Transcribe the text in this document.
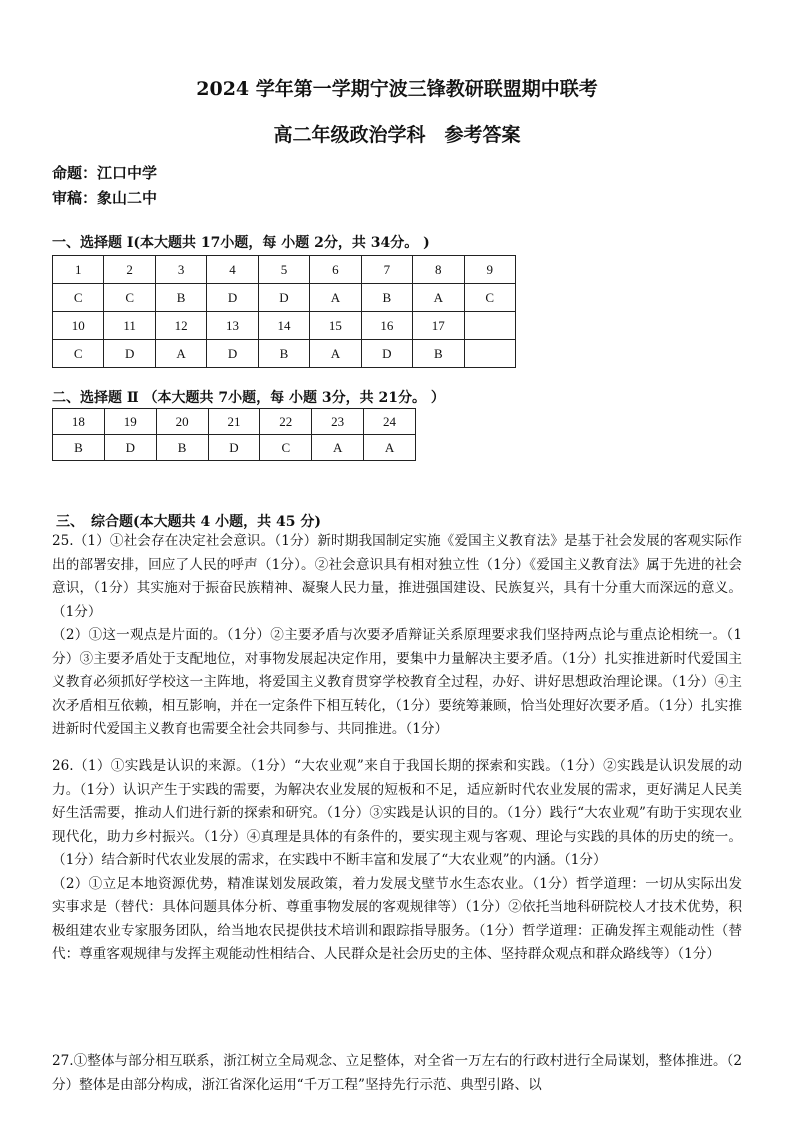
2024 学年第一学期宁波三锋教研联盟期中联考
高二年级政治学科　参考答案
命题：江口中学
审稿：象山二中
一、选择题 I(本大题共 17小题，每 小题 2分，共 34分。 )
1	2	3	4	5	6	7	8	9
C	C	B	D	D	A	B	A	C
10	11	12	13	14	15	16	17	
C	D	A	D	B	A	D	B	
二、选择题 Ⅱ （本大题共 7小题，每 小题 3分，共 21分。 ）
18	19	20	21	22	23	24
B	D	B	D	C	A	A
三、　综合题(本大题共 4 小题，共 45 分)

25.（1）①社会存在决定社会意识。（1分）新时期我国制定实施《爱国主义教育法》是基于社会发展的客观实际作出的部署安排，回应了人民的呼声（1分）。②社会意识具有相对独立性（1分）《爱国主义教育法》属于先进的社会意识，（1分）其实施对于振奋民族精神、凝聚人民力量，推进强国建设、民族复兴，具有十分重大而深远的意义。（1分）

（2）①这一观点是片面的。（1分）②主要矛盾与次要矛盾辩证关系原理要求我们坚持两点论与重点论相统一。（1分）③主要矛盾处于支配地位，对事物发展起决定作用，要集中力量解决主要矛盾。（1分）扎实推进新时代爱国主义教育必须抓好学校这一主阵地，将爱国主义教育贯穿学校教育全过程，办好、讲好思想政治理论课。（1分）④主次矛盾相互依赖，相互影响，并在一定条件下相互转化，（1分）要统筹兼顾，恰当处理好次要矛盾。（1分）扎实推进新时代爱国主义教育也需要全社会共同参与、共同推进。（1分）

26.（1）①实践是认识的来源。（1分）“大农业观”来自于我国长期的探索和实践。（1分）②实践是认识发展的动力。（1分）认识产生于实践的需要，为解决农业发展的短板和不足，适应新时代农业发展的需求，更好满足人民美好生活需要，推动人们进行新的探索和研究。（1分）③实践是认识的目的。（1分）践行“大农业观”有助于实现农业现代化，助力乡村振兴。（1分）④真理是具体的有条件的，要实现主观与客观、理论与实践的具体的历史的统一。（1分）结合新时代农业发展的需求，在实践中不断丰富和发展了“大农业观”的内涵。（1分）

（2）①立足本地资源优势，精准谋划发展政策，着力发展戈壁节水生态农业。（1分）哲学道理：一切从实际出发实事求是（替代：具体问题具体分析、尊重事物发展的客观规律等）（1分）②依托当地科研院校人才技术优势，积极组建农业专家服务团队，给当地农民提供技术培训和跟踪指导服务。（1分）哲学道理：正确发挥主观能动性（替代：尊重客观规律与发挥主观能动性相结合、人民群众是社会历史的主体、坚持群众观点和群众路线等）（1分）

27.①整体与部分相互联系，浙江树立全局观念、立足整体，对全省一万左右的行政村进行全局谋划，整体推进。（2分）整体是由部分构成，浙江省深化运用“千万工程”坚持先行示范、典型引路、以
